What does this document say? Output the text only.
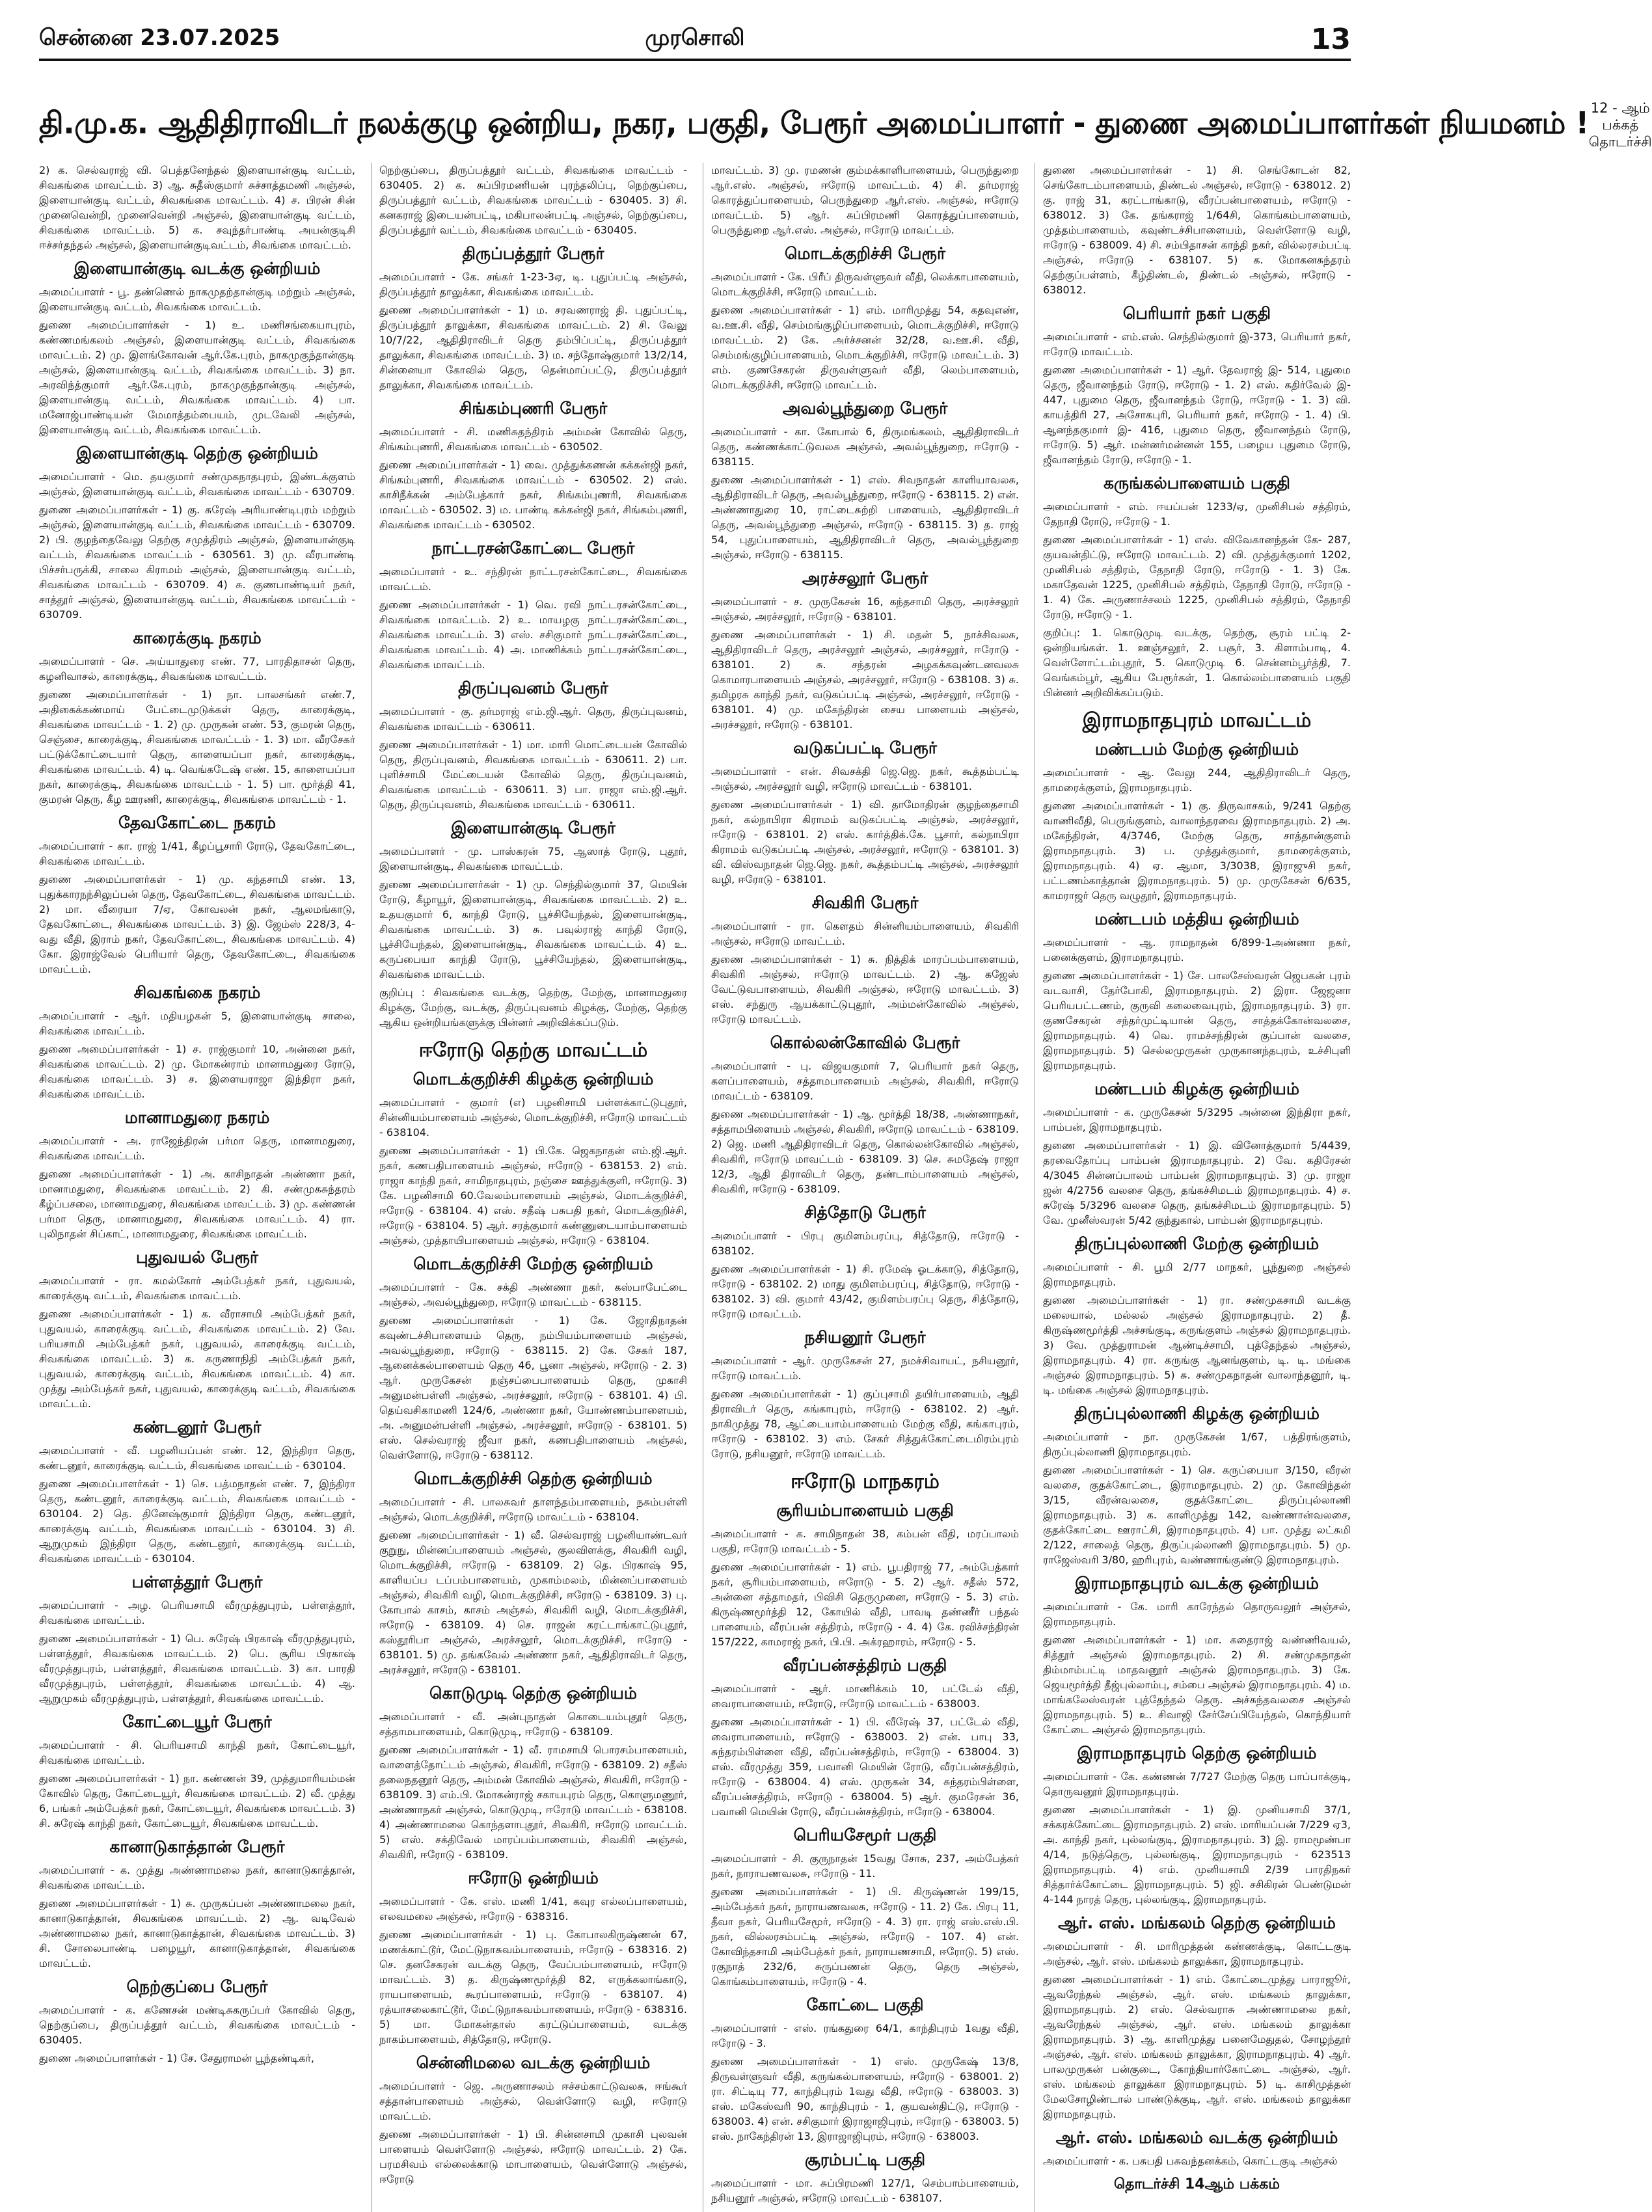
சென்னை 23.07.2025	முரசொலி	13
தி.மு.க. ஆதிதிராவிடர் நலக்குழு ஒன்றிய, நகர, பகுதி, பேரூர் அமைப்பாளர் - துணை அமைப்பாளர்கள் நியமனம் ! 12 - ஆம் பக்கத் தொடர்ச்சி

2) க. செல்வராஜ் வி. பெத்தனேந்தல் இளையான்குடி வட்டம், சிவகங்கை மாவட்டம். 3) ஆ. சுதீஸ்குமார் சுச்சாத்தமணி அஞ்சல், இளையான்குடி வட்டம், சிவகங்கை மாவட்டம். 4) ச. பிரன் சின் முனைவென்றி, முனைவென்றி அஞ்சல், இளையான்குடி வட்டம், சிவகங்கை மாவட்டம். 5) க. சவுந்தர்பாண்டி அயன்குடிசி ஈச்சர்தந்தல் அஞ்சல், இளையான்குடிவட்டம், சிவங்கை மாவட்டம்.

இளையான்குடி வடக்கு ஒன்றியம்

அமைப்பாளர் - பூ. தண்ணெல் நாகமுதற்தான்குடி மற்றும் அஞ்சல், இளையான்குடி வட்டம், சிவகங்கை மாவட்டம்.

துணை அமைப்பாளர்கள் - 1) உ. மணிசங்கையாபுரம், கண்ணமங்கலம் அஞ்சல், இளையான்குடி வட்டம், சிவகங்கை மாவட்டம். 2) மு. இளங்கோவன் ஆர்.கே.புரம், நாகமுகுந்தான்குடி அஞ்சல், இளையான்குடி வட்டம், சிவகங்கை மாவட்டம். 3) நா. அரவிந்த்குமார் ஆர்.கே.புரம், நாகமுகுந்தான்குடி அஞ்சல், இளையான்குடி வட்டம், சிவகங்கை மாவட்டம். 4) பா. மனோஜ்பாண்டியன் மேமாத்தம்பையம், முடவேலி அஞ்சல், இளையான்குடி வட்டம், சிவகங்கை மாவட்டம்.

இளையான்குடி தெற்கு ஒன்றியம்

அமைப்பாளர் - மெ. தயகுமார் சண்முகநாதபுரம், இண்டக்குளம் அஞ்சல், இளையான்குடி வட்டம், சிவகங்கை மாவட்டம் - 630709.

துணை அமைப்பாளர்கள் - 1) கு. சுரேஷ் அரியாண்டிபுரம் மற்றும் அஞ்சல், இளையான்குடி வட்டம், சிவகங்கை மாவட்டம் - 630709. 2) பி. குழந்தைவேலு தெற்கு சமுத்திரம் அஞ்சல், இளையான்குடி வட்டம், சிவகங்கை மாவட்டம் - 630561. 3) மு. வீரபாண்டி பிச்சர்பருக்கி, சாலை கிராமம் அஞ்சல், இளையான்குடி வட்டம், சிவகங்கை மாவட்டம் - 630709. 4) சு. குணபாண்டியர் நகர், சாத்தூர் அஞ்சல், இளையான்குடி வட்டம், சிவகங்கை மாவட்டம் - 630709.

காரைக்குடி நகரம்

அமைப்பாளர் - செ. அய்யாதுரை எண். 77, பாரதிதாசன் தெரு, கழனிவாசல், காரைக்குடி, சிவகங்கை மாவட்டம்.

துணை அமைப்பாளர்கள் - 1) நா. பாலசங்கர் எண்.7, அதிகைக்கண்மாய் பேட்டைமுடுக்கள் தெரு, காரைக்குடி, சிவகங்கை மாவட்டம் - 1. 2) மு. முருகன் எண். 53, குமரன் தெரு, செஞ்சை, காரைக்குடி, சிவகங்கை மாவட்டம் - 1. 3) மா. வீரசேகர் பட்டுக்கோட்டையார் தெரு, காளையப்பா நகர், காரைக்குடி, சிவகங்கை மாவட்டம். 4) டி. வெங்கடேஷ் எண். 15, காளையப்பா நகர், காரைக்குடி, சிவகங்கை மாவட்டம் - 1. 5) பா. மூர்த்தி 41, குமரன் தெரு, கீழ ஊரணி, காரைக்குடி, சிவகங்கை மாவட்டம் - 1.

தேவகோட்டை நகரம்

அமைப்பாளர் - கா. ராஜ் 1/41, கீழப்பூசாரி ரோடு, தேவகோட்டை, சிவகங்கை மாவட்டம்.

துணை அமைப்பாளர்கள் - 1) மு. கந்தசாமி எண். 13, புதுக்காரநந்சிலுப்பன் தெரு, தேவகோட்டை, சிவகங்கை மாவட்டம். 2) மா. வீரையா 7/ஏ, கோவலன் நகர், ஆலமங்காடு, தேவகோட்டை, சிவகங்கை மாவட்டம். 3) இ. ஜேம்ஸ் 228/3, 4-வது வீதி, இராம் நகர், தேவகோட்டை, சிவகங்கை மாவட்டம். 4) கோ. இராஜ்வேல் பெரியார் தெரு, தேவகோட்டை, சிவகங்கை மாவட்டம்.

சிவகங்கை நகரம்

அமைப்பாளர் - ஆர். மதியழகன் 5, இளையான்குடி சாலை, சிவகங்கை மாவட்டம்.

துணை அமைப்பாளர்கள் - 1) ச. ராஜ்குமார் 10, அன்னை நகர், சிவகங்கை மாவட்டம். 2) மு. மோகன்ராம் மானாமதுரை ரோடு, சிவகங்கை மாவட்டம். 3) ச. இளையராஜா இந்திரா நகர், சிவகங்கை மாவட்டம்.

மானாமதுரை நகரம்

அமைப்பாளர் - அ. ராஜேந்திரன் பர்மா தெரு, மானாமதுரை, சிவகங்கை மாவட்டம்.

துணை அமைப்பாளர்கள் - 1) அ. காசிநாதன் அண்ணா நகர், மானாமதுரை, சிவகங்கை மாவட்டம். 2) கி. சண்முகசுந்தரம் கீழ்ப்பசலை, மானாமதுரை, சிவகங்கை மாவட்டம். 3) மு. கண்ணன் பர்மா தெரு, மானாமதுரை, சிவகங்கை மாவட்டம். 4) ரா. புலிநாதன் சிப்காட், மானாமதுரை, சிவகங்கை மாவட்டம்.

புதுவயல் பேரூர்

அமைப்பாளர் - ரா. கமல்கோர் அம்பேத்கர் நகர், புதுவயல், காரைக்குடி வட்டம், சிவகங்கை மாவட்டம்.

துணை அமைப்பாளர்கள் - 1) க. வீராசாமி அம்பேத்கர் நகர், புதுவயல், காரைக்குடி வட்டம், சிவகங்கை மாவட்டம். 2) வே. பரியசாமி அம்பேத்கர் நகர், புதுவயல், காரைக்குடி வட்டம், சிவகங்கை மாவட்டம். 3) க. கருணாநிதி அம்பேத்கர் நகர், புதுவயல், காரைக்குடி வட்டம், சிவகங்கை மாவட்டம். 4) கா. முத்து அம்பேத்கர் நகர், புதுவயல், காரைக்குடி வட்டம், சிவகங்கை மாவட்டம்.

கண்டனூர் பேரூர்

அமைப்பாளர் - வீ. பழனியப்பன் எண். 12, இந்திரா தெரு, கண்டனூர், காரைக்குடி வட்டம், சிவகங்கை மாவட்டம் - 630104.

துணை அமைப்பாளர்கள் - 1) செ. பத்மநாதன் எண். 7, இந்திரா தெரு, கண்டனூர், காரைக்குடி வட்டம், சிவகங்கை மாவட்டம் - 630104. 2) தெ. தினேஷ்குமார் இந்திரா தெரு, கண்டனூர், காரைக்குடி வட்டம், சிவகங்கை மாவட்டம் - 630104. 3) சி. ஆறுமுகம் இந்திரா தெரு, கண்டனூர், காரைக்குடி வட்டம், சிவகங்கை மாவட்டம் - 630104.

பள்ளத்தூர் பேரூர்

அமைப்பாளர் - அழ. பெரியசாமி வீரமுத்துபுரம், பள்ளத்தூர், சிவகங்கை மாவட்டம்.

துணை அமைப்பாளர்கள் - 1) பெ. சுரேஷ் பிரகாஷ் வீரமுத்துபுரம், பள்ளத்தூர், சிவகங்கை மாவட்டம். 2) பெ. சூரிய பிரகாஷ் வீரமுத்துபுரம், பள்ளத்தூர், சிவகங்கை மாவட்டம். 3) கா. பாரதி வீரமுத்துபுரம், பள்ளத்தூர், சிவகங்கை மாவட்டம். 4) ஆ. ஆறுமுகம் வீரமுத்துபுரம், பள்ளத்தூர், சிவகங்கை மாவட்டம்.

கோட்டையூர் பேரூர்

அமைப்பாளர் - சி. பெரியசாமி காந்தி நகர், கோட்டையூர், சிவகங்கை மாவட்டம்.

துணை அமைப்பாளர்கள் - 1) நா. கண்ணன் 39, முத்துமாரியம்மன் கோவில் தெரு, கோட்டையூர், சிவகங்கை மாவட்டம். 2) வீ. முத்து 6, பங்கர் அம்பேத்கர் நகர், கோட்டையூர், சிவகங்கை மாவட்டம். 3) சி. சுரேஷ் காந்தி நகர், கோட்டையூர், சிவகங்கை மாவட்டம்.

கானாடுகாத்தான் பேரூர்

அமைப்பாளர் - க. முத்து அண்ணாமலை நகர், கானாடுகாத்தான், சிவகங்கை மாவட்டம்.

துணை அமைப்பாளர்கள் - 1) சு. முருகப்பன் அண்ணாமலை நகர், கானாடுகாத்தான், சிவகங்கை மாவட்டம். 2) ஆ. வடிவேல் அண்ணாமலை நகர், கானாடுகாத்தான், சிவகங்கை மாவட்டம். 3) சி. சோலைபாண்டி பழையூர், கானாடுகாத்தான், சிவகங்கை மாவட்டம்.

நெற்குப்பை பேரூர்

அமைப்பாளர் - க. கணேசன் மண்டிசுகருப்பர் கோவில் தெரு, நெற்குப்பை, திருப்பத்தூர் வட்டம், சிவகங்கை மாவட்டம் - 630405.

துணை அமைப்பாளர்கள் - 1) சே. சேதுராமன் பூந்தண்டிகர்,

நெற்குப்பை, திருப்பத்தூர் வட்டம், சிவகங்கை மாவட்டம் - 630405. 2) க. சுப்பிரமணியன் புரந்தலிப்பு, நெற்குப்பை, திருப்பத்தூர் வட்டம், சிவகங்கை மாவட்டம் - 630405. 3) சி. கனகராஜ் இடையன்பட்டி, மகிபாலன்பட்டி அஞ்சல், நெற்குப்பை, திருப்பத்தூர் வட்டம், சிவகங்கை மாவட்டம் - 630405.

திருப்பத்தூர் பேரூர்

அமைப்பாளர் - கே. சங்கர் 1-23-3ஏ, டி. புதுப்பட்டி அஞ்சல், திருப்பத்தூர் தாலுக்கா, சிவகங்கை மாவட்டம்.

துணை அமைப்பாளர்கள் - 1) ம. சரவணராஜ் தி. புதுப்பட்டி, திருப்பத்தூர் தாலுக்கா, சிவகங்கை மாவட்டம். 2) சி. வேலு 10/7/22, ஆதிதிராவிடர் தெரு தம்பிப்பட்டி, திருப்பத்தூர் தாலுக்கா, சிவகங்கை மாவட்டம். 3) ம. சந்தோஷ்குமார் 13/2/14, சின்னையா கோவில் தெரு, தென்மாப்பட்டு, திருப்பத்தூர் தாலுக்கா, சிவகங்கை மாவட்டம்.

சிங்கம்புணரி பேரூர்

அமைப்பாளர் - சி. மணிசுதந்திரம் அம்மன் கோவில் தெரு, சிங்கம்புணரி, சிவகங்கை மாவட்டம் - 630502.

துணை அமைப்பாளர்கள் - 1) வை. முத்துக்கணன் கக்கன்ஜி நகர், சிங்கம்புணரி, சிவகங்கை மாவட்டம் - 630502. 2) எஸ். காசிநீக்கன் அம்பேத்கார் நகர், சிங்கம்புணரி, சிவகங்கை மாவட்டம் - 630502. 3) ம. பாண்டி கக்கன்ஜி நகர், சிங்கம்புணரி, சிவகங்கை மாவட்டம் - 630502.

நாட்டரசன்கோட்டை பேரூர்

அமைப்பாளர் - உ. சந்திரன் நாட்டரசன்கோட்டை, சிவகங்கை மாவட்டம்.

துணை அமைப்பாளர்கள் - 1) வெ. ரவி நாட்டரசன்கோட்டை, சிவகங்கை மாவட்டம். 2) உ. மாயழகு நாட்டரசன்கோட்டை, சிவகங்கை மாவட்டம். 3) எஸ். சசிகுமார் நாட்டரசன்கோட்டை, சிவகங்கை மாவட்டம். 4) அ. மாணிக்கம் நாட்டரசன்கோட்டை, சிவகங்கை மாவட்டம்.

திருப்புவனம் பேரூர்

அமைப்பாளர் - கு. தர்மராஜ் எம்.ஜி.ஆர். தெரு, திருப்புவனம், சிவகங்கை மாவட்டம் - 630611.

துணை அமைப்பாளர்கள் - 1) மா. மாரி மொட்டையன் கோவில் தெரு, திருப்புவனம், சிவகங்கை மாவட்டம் - 630611. 2) பா. புளிச்சாமி மேட்டையன் கோவில் தெரு, திருப்புவனம், சிவகங்கை மாவட்டம் - 630611. 3) பா. ராஜா எம்.ஜி.ஆர். தெரு, திருப்புவனம், சிவகங்கை மாவட்டம் - 630611.

இளையான்குடி பேரூர்

அமைப்பாளர் - மு. பாஸ்கரன் 75, ஆஸாத் ரோடு, புதூர், இளையான்குடி, சிவகங்கை மாவட்டம்.

துணை அமைப்பாளர்கள் - 1) மு. செந்தில்குமார் 37, மெயின் ரோடு, கீழாயூர், இளையான்குடி, சிவகங்கை மாவட்டம். 2) உ. உதயகுமார் 6, காந்தி ரோடு, பூச்சியேந்தல், இளையான்குடி, சிவகங்கை மாவட்டம். 3) சு. பவுல்ராஜ் காந்தி ரோடு, பூச்சியேந்தல், இளையான்குடி, சிவகங்கை மாவட்டம். 4) உ. கருப்பையா காந்தி ரோடு, பூச்சியேந்தல், இளையான்குடி, சிவகங்கை மாவட்டம்.

குறிப்பு : சிவகங்கை வடக்கு, தெற்கு, மேற்கு, மானாமதுரை கிழக்கு, மேற்கு, வடக்கு, திருப்புவனம் கிழக்கு, மேற்கு, தெற்கு ஆகிய ஒன்றியங்களுக்கு பின்னர் அறிவிக்கப்படும்.

ஈரோடு தெற்கு மாவட்டம்
மொடக்குறிச்சி கிழக்கு ஒன்றியம்

அமைப்பாளர் - குமார் (எ) பழனிசாமி பள்ளக்காட்டுபுதூர், சின்னியம்பாளையம் அஞ்சல், மொடக்குறிச்சி, ஈரோடு மாவட்டம் - 638104.

துணை அமைப்பாளர்கள் - 1) பி.கே. ஜெகநாதன் எம்.ஜி.ஆர். நகர், கணபதிபாளையம் அஞ்சல், ஈரோடு - 638153. 2) எம். ராஜா காந்தி நகர், சாமிநாதபுரம், நஞ்சை ஊத்துக்குளி, ஈரோடு. 3) கே. பழனிசாமி 60.வேலம்பாளையம் அஞ்சல், மொடக்குறிச்சி, ஈரோடு - 638104. 4) எஸ். சதீஷ் பசுபதி நகர், மொடக்குறிச்சி, ஈரோடு - 638104. 5) ஆர். சரத்குமார் கண்ணுடையாம்பாளையம் அஞ்சல், முத்தாயிபாளையம் அஞ்சல், ஈரோடு - 638104.

மொடக்குறிச்சி மேற்கு ஒன்றியம்

அமைப்பாளர் - கே. சக்தி அண்ணா நகர், கஸ்பாபேட்டை அஞ்சல், அவல்பூந்துறை, ஈரோடு மாவட்டம் - 638115.

துணை அமைப்பாளர்கள் - 1) கே. ஜோதிநாதன் கவுண்டச்சிபாளையம் தெரு, நம்பியம்பாளையம் அஞ்சல், அவல்பூந்துறை, ஈரோடு - 638115. 2) கே. சேகர் 187, ஆனைக்கல்பாளையம் தெரு 46, பூனா அஞ்சல், ஈரோடு - 2. 3) ஆர். முருகேசன் நஞ்சப்பைபாளையம் தெரு, முகாசி அனுமன்பள்ளி அஞ்சல், அரச்சலூர், ஈரோடு - 638101. 4) பி. தெய்வசிகாமணி 124/6, அண்ணா நகர், யோண்ணம்பாளையம், அ. அனுமன்பள்ளி அஞ்சல், அரச்சலூர், ஈரோடு - 638101. 5) எஸ். செல்வராஜ் ஜீவா நகர், கணபதிபாளையம் அஞ்சல், வெள்ளோடு, ஈரோடு - 638112.

மொடக்குறிச்சி தெற்கு ஒன்றியம்

அமைப்பாளர் - சி. பாலசுவர் தாளந்தம்பாளையம், நசும்பள்ளி அஞ்சல், மொடக்குறிச்சி, ஈரோடு மாவட்டம் - 638104.

துணை அமைப்பாளர்கள் - 1) வீ. செல்வராஜ் பழனியாண்டவர் குறுநு, மின்னப்பாளையம் அஞ்சல், குலவிளக்கு, சிவகிரி வழி, மொடக்குறிச்சி, ஈரோடு - 638109. 2) தெ. பிரகாஷ் 95, காளியப்ப டப்பம்பாளையம், முகாம்மலம், மின்னப்பாளையம் அஞ்சல், சிவகிரி வழி, மொடக்குறிச்சி, ஈரோடு - 638109. 3) பு. கோபால் காசம், காசம் அஞ்சல், சிவகிரி வழி, மொடக்குறிச்சி, ஈரோடு - 638109. 4) செ. ராஜன் கரட்டாங்காட்டுபுதூர், கஸ்தூரிபா அஞ்சல், அரச்சலூர், மொடக்குறிச்சி, ஈரோடு - 638101. 5) மு. தங்கவேல் அண்ணா நகர், ஆதிதிராவிடர் தெரு, அரச்சலூர், ஈரோடு - 638101.

கொடுமுடி தெற்கு ஒன்றியம்

அமைப்பாளர் - வீ. அன்புநாதன் கொடையம்புதூர் தெரு, சத்தாமபாளையம், கொடுமுடி, ஈரோடு - 638109.

துணை அமைப்பாளர்கள் - 1) வீ. ராமசாமி பொரசம்பாளையம், வாளைத்தோட்டம் அஞ்சல், சிவகிரி, ஈரோடு - 638109. 2) சதீஸ் தலைநதனூர் தெரு, அம்மன் கோவில் அஞ்சல், சிவகிரி, ஈரோடு - 638109. 3) எம்.பி. மோகன்ராஜ் சகாயபுரம் தெரு, கொளுமணூர், அண்ணாநகர் அஞ்சல், கொடுமுடி, ஈரோடு மாவட்டம் - 638108. 4) அண்ணாமலை கொந்தளாபுதூர், சிவகிரி, ஈரோடு மாவட்டம். 5) எஸ். சக்திவேல் மாரப்பம்பாளையம், சிவகிரி அஞ்சல், சிவகிரி, ஈரோடு - 638109.

ஈரோடு ஒன்றியம்

அமைப்பாளர் - கே. எஸ். மணி 1/41, கவுர எல்லப்பாளையம், எலவமலை அஞ்சல், ஈரோடு - 638316.

துணை அமைப்பாளர்கள் - 1) பு. கோபாலகிருஷ்ணன் 67, மணக்காட்டூர், மேட்டுநாசுவம்பாளையம், ஈரோடு - 638316. 2) செ. தனசேகரன் வடக்கு தெரு, வேப்பம்பாளையம், ஈரோடு மாவட்டம். 3) த. கிருஷ்ணமூர்த்தி 82, எருக்கலாங்காடு, ராயபாளையம், கூரப்பாளையம், ஈரோடு - 638107. 4) ரத்யாசலைகாட்டூர், மேட்டுநாசுவம்பாளையம், ஈரோடு - 638316. 5) மா. மோகன்தாஸ் கரட்டுப்பாளையம், வடக்கு நாகம்பாளையம், சித்தோடு, ஈரோடு.

சென்னிமலை வடக்கு ஒன்றியம்

அமைப்பாளர் - ஜெ. அருணாசலம் ஈச்சம்காட்டுவலசு, ஈங்கூர் சத்தான்பாளையம் அஞ்சல், வெள்ளோடு வழி, ஈரோடு மாவட்டம்.

துணை அமைப்பாளர்கள் - 1) பி. சின்னசாமி முகாசி புலவன் பாளையம் வெள்ளோடு அஞ்சல், ஈரோடு மாவட்டம். 2) கே. பரமசிவம் எல்லைக்காடு மாபாளையம், வெள்ளோடு அஞ்சல், ஈரோடு

மாவட்டம். 3) மு. ரமணன் கும்மக்காளிபாளையம், பெருந்துறை ஆர்.எஸ். அஞ்சல், ஈரோடு மாவட்டம். 4) சி. தர்மராஜ் கொரத்துப்பாளையம், பெருந்துறை ஆர்.எஸ். அஞ்சல், ஈரோடு மாவட்டம். 5) ஆர். சுப்பிரமணி கொரத்துப்பாளையம், பெருந்துறை ஆர்.எஸ். அஞ்சல், ஈரோடு மாவட்டம்.

மொடக்குறிச்சி பேரூர்

அமைப்பாளர் - கே. பிரீப் திருவள்ளுவர் வீதி, லெக்காபாளையம், மொடக்குறிச்சி, ஈரோடு மாவட்டம்.

துணை அமைப்பாளர்கள் - 1) எம். மாரிமுத்து 54, கதவுஎண், வ.ஊ.சி. வீதி, செம்மங்குழிப்பாளையம், மொடக்குறிச்சி, ஈரோடு மாவட்டம். 2) கே. அர்ச்சனன் 32/28, வ.ஊ.சி. வீதி, செம்மங்குழிப்பாளையம், மொடக்குறிச்சி, ஈரோடு மாவட்டம். 3) எம். குணசேகரன் திருவள்ளுவர் வீதி, லெம்பாளையம், மொடக்குறிச்சி, ஈரோடு மாவட்டம்.

அவல்பூந்துறை பேரூர்

அமைப்பாளர் - கா. கோபால் 6, திருமங்கலம், ஆதிதிராவிடர் தெரு, கண்ணக்காட்டுவலசு அஞ்சல், அவல்பூந்துறை, ஈரோடு - 638115.

துணை அமைப்பாளர்கள் - 1) எஸ். சிவநாதன் காளியாவலசு, ஆதிதிராவிடர் தெரு, அவல்பூந்துறை, ஈரோடு - 638115. 2) என். அண்ணாதுரை 10, ராட்டைசுற்றி பாளையம், ஆதிதிராவிடர் தெரு, அவல்பூந்துறை அஞ்சல், ஈரோடு - 638115. 3) த. ராஜ் 54, புதுப்பாளையம், ஆதிதிராவிடர் தெரு, அவல்பூந்துறை அஞ்சல், ஈரோடு - 638115.

அரச்சலூர் பேரூர்

அமைப்பாளர் - ச. முருகேசன் 16, கந்தசாமி தெரு, அரச்சலூர் அஞ்சல், அரச்சலூர், ஈரோடு - 638101.

துணை அமைப்பாளர்கள் - 1) சி. மதன் 5, நாச்சிவலசு, ஆதிதிராவிடர் தெரு, அரச்சலூர் அஞ்சல், அரச்சலூர், ஈரோடு - 638101. 2) சு. சந்தரன் அழகக்கவுண்டனவலசு கொமாரபாளையம் அஞ்சல், அரச்சலூர், ஈரோடு - 638108. 3) சு. தமிழரசு காந்தி நகர், வடுகப்பட்டி அஞ்சல், அரச்சலூர், ஈரோடு - 638101. 4) மு. மகேந்திரன் சைய பாளையம் அஞ்சல், அரச்சலூர், ஈரோடு - 638101.

வடுகப்பட்டி பேரூர்

அமைப்பாளர் - என். சிவசக்தி ஜெ.ஜெ. நகர், கூத்தம்பட்டி அஞ்சல், அரச்சலூர் வழி, ஈரோடு மாவட்டம் - 638101.

துணை அமைப்பாளர்கள் - 1) வி. தாமோதிரன் குழந்தைசாமி நகர், கல்நாபிரா கிராமம் வடுகப்பட்டி அஞ்சல், அரச்சலூர், ஈரோடு - 638101. 2) எஸ். கார்த்திக்.கே. பூசார், கல்நாபிரா கிராமம் வடுகப்பட்டி அஞ்சல், அரச்சலூர், ஈரோடு - 638101. 3) வி. விஸ்வநாதன் ஜெ.ஜெ. நகர், கூத்தம்பட்டி அஞ்சல், அரச்சலூர் வழி, ஈரோடு - 638101.

சிவகிரி பேரூர்

அமைப்பாளர் - ரா. கெளதம் சின்னியம்பாளையம், சிவகிரி அஞ்சல், ஈரோடு மாவட்டம்.

துணை அமைப்பாளர்கள் - 1) சு. நித்திக் மாரப்பம்பாளையம், சிவகிரி அஞ்சல், ஈரோடு மாவட்டம். 2) ஆ. கஜேஸ் வேட்டுவபாளையம், சிவகிரி அஞ்சல், ஈரோடு மாவட்டம். 3) எஸ். சந்துரு ஆயக்காட்டுபுதூர், அம்மன்கோவில் அஞ்சல், ஈரோடு மாவட்டம்.

கொல்லன்கோவில் பேரூர்

அமைப்பாளர் - பு. விஜயகுமார் 7, பெரியார் நகர் தெரு, களப்பாளையம், சத்தாமபாளையம் அஞ்சல், சிவகிரி, ஈரோடு மாவட்டம் - 638109.

துணை அமைப்பாளர்கள் - 1) ஆ. மூர்த்தி 18/38, அண்ணாநகர், சத்தாமபிளையம் அஞ்சல், சிவகிரி, ஈரோடு மாவட்டம் - 638109. 2) ஜெ. மணி ஆதிதிராவிடர் தெரு, கொல்லன்கோவில் அஞ்சல், சிவகிரி, ஈரோடு மாவட்டம் - 638109. 3) செ. சுமதேஷ் ராஜா 12/3, ஆதி திராவிடர் தெரு, தண்டாம்பாளையம் அஞ்சல், சிவகிரி, ஈரோடு - 638109.

சித்தோடு பேரூர்

அமைப்பாளர் - பிரபு குமிளம்பரப்பு, சித்தோடு, ஈரோடு - 638102.

துணை அமைப்பாளர்கள் - 1) சி. ரமேஷ் ஓடக்காடு, சித்தோடு, ஈரோடு - 638102. 2) மாது குமிளம்பரப்பு, சித்தோடு, ஈரோடு - 638102. 3) வி. குமார் 43/42, குமிளம்பரப்பு தெரு, சித்தோடு, ஈரோடு மாவட்டம்.

நசியனூர் பேரூர்

அமைப்பாளர் - ஆர். முருகேசன் 27, நமச்சிவாயட், நசியனூர், ஈரோடு மாவட்டம்.

துணை அமைப்பாளர்கள் - 1) குப்புசாமி தயிர்பாளையம், ஆதி திராவிடர் தெரு, கங்காபுரம், ஈரோடு - 638102. 2) ஆர். நாகிமுத்து 78, ஆட்டையாம்பாளையம் மேற்கு வீதி, கங்காபுரம், ஈரோடு - 638102. 3) எம். சேகர் சித்துக்கோட்டைமிரம்புரம் ரோடு, நசியனூர், ஈரோடு மாவட்டம்.

ஈரோடு மாநகரம்
சூரியம்பாளையம் பகுதி

அமைப்பாளர் - க. சாமிநாதன் 38, கம்பன் வீதி, மரப்பாலம் பகுதி, ஈரோடு மாவட்டம் - 5.

துணை அமைப்பாளர்கள் - 1) எம். பூபதிராஜ் 77, அம்பேத்கார் நகர், சூரியம்பாளையம், ஈரோடு - 5. 2) ஆர். சதீஸ் 572, அன்னை சத்தாமதர், பிவிசி தெருமுனை, ஈரோடு - 5. 3) எம். கிருஷ்ணமூர்த்தி 12, கோயில் வீதி, பாவடி தண்ணீர் பந்தல் பாளையம், வீரப்பன் சத்திரம், ஈரோடு - 4. 4) கே. ரவிச்சந்திரன் 157/222, காமராஜ் நகர், பி.பி. அக்ரஹாரம், ஈரோடு - 5.

வீரப்பன்சத்திரம் பகுதி

அமைப்பாளர் - ஆர். மாணிக்கம் 10, பட்டேல் வீதி, வைராபாளையம், ஈரோடு, ஈரோடு மாவட்டம் - 638003.

துணை அமைப்பாளர்கள் - 1) பி. வீரேஷ் 37, பட்டேல் வீதி, வைராபாளையம், ஈரோடு - 638003. 2) என். பாபு 33, சுந்தரம்பிள்ளை வீதி, வீரப்பன்சத்திரம், ஈரோடு - 638004. 3) எஸ். வீரமுத்து 359, பவானி மெயின் ரோடு, வீரப்பன்சத்திரம், ஈரோடு - 638004. 4) எஸ். முருகன் 34, சுந்தரம்பிள்ளை, வீரப்பன்சத்திரம், ஈரோடு - 638004. 5) ஆர். குமரேசன் 36, பவானி மெயின் ரோடு, வீரப்பன்சத்திரம், ஈரோடு - 638004.

பெரியசேமூர் பகுதி

அமைப்பாளர் - சி. குருநாதன் 15வது சோசு, 237, அம்பேத்கர் நகர், நாராயணவலசு, ஈரோடு - 11.

துணை அமைப்பாளர்கள் - 1) பி. கிருஷ்ணன் 199/15, அம்பேத்கர் நகர், நாராயணவலசு, ஈரோடு - 11. 2) கே. பிரபு 11, தீவா நகர், பெரியசேமூர், ஈரோடு - 4. 3) ரா. ராஜ் எஸ்.எஸ்.பி. நகர், வில்லரசம்பட்டி அஞ்சல், ஈரோடு - 107. 4) என். கோவிந்தசாமி அம்பேத்கர் நகர், நாராயணசாமி, ஈரோடு. 5) எஸ். ரகுநாத் 232/6, சுருப்பணன் தெரு, தெரு அஞ்சல், கொங்கம்பாளையம், ஈரோடு - 4.

கோட்டை பகுதி

அமைப்பாளர் - எஸ். ரங்கதுரை 64/1, காந்திபுரம் 1வது வீதி, ஈரோடு - 3.

துணை அமைப்பாளர்கள் - 1) எஸ். முருகேஷ் 13/8, திருவள்ளுவர் வீதி, கருங்கல்பாளையம், ஈரோடு - 638001. 2) ரா. சிட்டியு 77, காந்திபுரம் 1வது வீதி, ஈரோடு - 638003. 3) எஸ். மகேஸ்வரி 90, காந்திபுரம் - 1, குயவன்திட்டு, ஈரோடு - 638003. 4) என். சசிகுமார் இராஜாஜிபுரம், ஈரோடு - 638003. 5) எஸ். நாகேந்திரன் 13, இராஜாஜிபுரம், ஈரோடு - 638003.

சூரம்பட்டி பகுதி

அமைப்பாளர் - மா. சுப்பிரமணி 127/1, செம்பாம்பாளையம், நசியனூர் அஞ்சல், ஈரோடு மாவட்டம் - 638107.

துணை அமைப்பாளர்கள் - 1) சி. செங்கோடன் 82, செங்கோடம்பாளையம், திண்டல் அஞ்சல், ஈரோடு - 638012. 2) கு. ராஜ் 31, கரட்டாங்காடு, வீரப்பன்பாளையம், ஈரோடு - 638012. 3) கே. தங்கராஜ் 1/64சி, கொங்கம்பாளையம், முத்தம்பாளையம், கவுண்டச்சிபாளையம், வெள்ளோடு வழி, ஈரோடு - 638009. 4) சி. சம்பிதாசன் காந்தி நகர், வில்லரசம்பட்டி அஞ்சல், ஈரோடு - 638107. 5) க. மோகனசுந்தரம் தெற்குப்பள்ளம், கீழ்திண்டல், திண்டல் அஞ்சல், ஈரோடு - 638012.

பெரியார் நகர் பகுதி

அமைப்பாளர் - எம்.எஸ். செந்தில்குமார் இ-373, பெரியார் நகர், ஈரோடு மாவட்டம்.

துணை அமைப்பாளர்கள் - 1) ஆர். தேவராஜ் இ- 514, புதுமை தெரு, ஜீவானந்தம் ரோடு, ஈரோடு - 1. 2) எஸ். கதிர்வேல் இ- 447, புதுமை தெரு, ஜீவானந்தம் ரோடு, ஈரோடு - 1. 3) வி. காயத்திரி 27, அசோகபுரி, பெரியார் நகர், ஈரோடு - 1. 4) பி. ஆனந்தகுமார் இ- 416, புதுமை தெரு, ஜீவானந்தம் ரோடு, ஈரோடு. 5) ஆர். மன்னர்மன்னன் 155, பழைய புதுமை ரோடு, ஜீவானந்தம் ரோடு, ஈரோடு - 1.

கருங்கல்பாளையம் பகுதி

அமைப்பாளர் - எம். ஈயப்பன் 1233/ஏ, முனிசிபல் சத்திரம், தேநாதி ரோடு, ஈரோடு - 1.

துணை அமைப்பாளர்கள் - 1) எஸ். விவேகானந்தன் கே- 287, குயவன்திட்டு, ஈரோடு மாவட்டம். 2) வி. முத்துக்குமார் 1202, முனிசிபல் சத்திரம், தேநாதி ரோடு, ஈரோடு - 1. 3) கே. மகாதேவன் 1225, முனிசிபல் சத்திரம், தேநாதி ரோடு, ஈரோடு - 1. 4) கே. அருணாச்சலம் 1225, முனிசிபல் சத்திரம், தேநாதி ரோடு, ஈரோடு - 1.

குறிப்பு: 1. கொடுமுடி வடக்கு, தெற்கு, சூரம் பட்டி 2- ஒன்றியங்கள். 1. ஊஞ்சலூர், 2. பசூர், 3. கிளாம்பாடி, 4. வெள்ளோட்டம்புதூர், 5. கொடுமுடி 6. சென்னம்பூர்த்தி, 7. வெங்கம்பூர், ஆகிய பேரூர்கள், 1. கொல்லம்பாளையம் பகுதி பின்னர் அறிவிக்கப்படும்.

இராமநாதபுரம் மாவட்டம்
மண்டபம் மேற்கு ஒன்றியம்

அமைப்பாளர் - ஆ. வேலு 244, ஆதிதிராவிடர் தெரு, தாமரைக்குளம், இராமநாதபுரம்.

துணை அமைப்பாளர்கள் - 1) கு. திருவாசகம், 9/241 தெற்கு வாணிவீதி, பெருங்குளம், வாலாந்தரவை இராமநாதபுரம். 2) அ. மகேந்திரன், 4/3746, மேற்கு தெரு, சாத்தான்குளம் இராமநாதபுரம். 3) ப. முத்துக்குமார், தாமரைக்குளம், இராமநாதபுரம். 4) ஏ. ஆமா, 3/3038, இராஜுசி நகர், பட்டணம்காத்தான் இராமநாதபுரம். 5) மு. முருகேசன் 6/635, காமராஜர் தெரு வழுதூர், இராமநாதபுரம்.

மண்டபம் மத்திய ஒன்றியம்

அமைப்பாளர் - ஆ. ராமநாதன் 6/899-1அண்ணா நகர், பனைக்குளம், இராமநாதபுரம்.

துணை அமைப்பாளர்கள் - 1) சே. பாலசேஸ்வரன் ஜெபகன் புரம் வடவாசி, தேர்போகி, இராமநாதபுரம். 2) இரா. ஜேஜனா பெரியபட்டணம், குருவி கலைவைபுரம், இராமநாதபுரம். 3) ரா. குணசேகரன் சந்தர்முட்டியான் தெரு, சாத்தக்கோன்வலசை, இராமநாதபுரம். 4) வெ. ராமச்சந்திரன் குப்பான் வலசை, இராமநாதபுரம். 5) செல்லமுருகன் முருகானந்தபுரம், உச்சிபுளி இராமநாதபுரம்.

மண்டபம் கிழக்கு ஒன்றியம்

அமைப்பாளர் - க. முருகேசன் 5/3295 அன்னை இந்திரா நகர், பாம்பன், இராமநாதபுரம்.

துணை அமைப்பாளர்கள் - 1) இ. வினோத்குமார் 5/4439, தரவைதோப்பு பாம்பன் இராமநாதபுரம். 2) வே. கதிரேசன் 4/3045 சின்னப்பாலம் பாம்பன் இராமநாதபுரம். 3) மு. ராஜா ஜன் 4/2756 வலசை தெரு, தங்கச்சிமடம் இராமநாதபுரம். 4) ச. சுரேஷ் 5/3296 வலசை தெரு, தங்கச்சிமடம் இராமநாதபுரம். 5) வே. முனீஸ்வரன் 5/42 குந்துகால், பாம்பன் இராமநாதபுரம்.

திருப்புல்லாணி மேற்கு ஒன்றியம்

அமைப்பாளர் - சி. பூமி 2/77 மாநகர், பூந்துறை அஞ்சல் இராமநாதபுரம்.

துணை அமைப்பாளர்கள் - 1) ரா. சண்முகசாமி வடக்கு மலையால், மல்லல் அஞ்சல் இராமநாதபுரம். 2) தீ. கிருஷ்ணமூர்த்தி அச்சங்குடி, கருங்குளம் அஞ்சல் இராமநாதபுரம். 3) வே. முத்துராமன் ஆண்டிச்சாமி, புத்தேந்தல் அஞ்சல், இராமநாதபுரம். 4) ரா. கருங்கு ஆனங்குளம், டி. டி. மங்கை அஞ்சல் இராமநாதபுரம். 5) சு. சண்முகநாதன் வாலாந்தனூர், டி. டி. மங்கை அஞ்சல் இராமநாதபுரம்.

திருப்புல்லாணி கிழக்கு ஒன்றியம்

அமைப்பாளர் - நா. முருகேசன் 1/67, பத்திரங்குளம், திருப்புல்லாணி இராமநாதபுரம்.

துணை அமைப்பாளர்கள் - 1) செ. கருப்பையா 3/150, வீரன் வலசை, குதக்கோட்டை, இராமநாதபுரம். 2) மு. கோவிந்தன் 3/15, வீரன்வலசை, குதக்கோட்டை திருப்புல்லாணி இராமநாதபுரம். 3) க. காளிமுத்து 142, வண்ணான்வலசை, குதக்கோட்டை ஊராட்சி, இராமநாதபுரம். 4) பா. முத்து லட்சுமி 2/122, சாலைத் தெரு, திருப்புல்லாணி இராமநாதபுரம். 5) மு. ராஜேஸ்வரி 3/80, ஹரிபுரம், வண்ணாங்குண்டு இராமநாதபுரம்.

இராமநாதபுரம் வடக்கு ஒன்றியம்

அமைப்பாளர் - கே. மாரி காரேந்தல் தொருவலூர் அஞ்சல், இராமநாதபுரம்.

துணை அமைப்பாளர்கள் - 1) மா. கதைராஜ் வண்ணிவயல், சித்தூர் அஞ்சல் இராமநாதபுரம். 2) சி. சண்முகநாதன் திம்மாம்பட்டி மாதவனூர் அஞ்சல் இராமநாதபுரம். 3) கே. ஜெயமூர்த்தி தீஜ்புல்லாம்பு, சம்பை அஞ்சல் இராமநாதபுரம். 4) ம. மாங்கலேஸ்வரன் புத்தேந்தல் தெரு. அச்சுந்தவலசை அஞ்சல் இராமநாதபுரம். 5) உ. சிவாஜி சேர்சேப்பியேந்தல், கொந்தியார் கோட்டை அஞ்சல் இராமநாதபுரம்.

இராமநாதபுரம் தெற்கு ஒன்றியம்

அமைப்பாளர் - கே. கண்ணன் 7/727 மேற்கு தெரு பாப்பாக்குடி, தொருவனூர் இராமநாதபுரம்.

துணை அமைப்பாளர்கள் - 1) இ. முனியசாமி 37/1, சக்கரக்கோட்டை இராமநாதபுரம். 2) எஸ். மாரியப்பன் 7/229 ஏ3, அ. காந்தி நகர், புல்லங்குடி, இராமநாதபுரம். 3) இ. ராமமூண்பா 4/14, நடுத்தெரு, புல்லங்குடி, இராமநாதபுரம் - 623513 இராமநாதபுரம். 4) எம். முனியசாமி 2/39 பாரதிநகர் சித்தார்க்கோட்டை இராமநாதபுரம். 5) ஜி. சசிகிரன் பெண்டுமன் 4-144 நாரத் தெரு, புல்லங்குடி, இராமநாதபுரம்.

ஆர். எஸ். மங்கலம் தெற்கு ஒன்றியம்

அமைப்பாளர் - சி. மாரிமுத்தன் கண்ணக்குடி, கொட்டகுடி அஞ்சல், ஆர். எஸ். மங்கலம் தாலுக்கா, இராமநாதபுரம்.

துணை அமைப்பாளர்கள் - 1) எம். கோட்டைமுத்து பாராஜூர், ஆவரேந்தல் அஞ்சல், ஆர். எஸ். மங்கலம் தாலுக்கா, இராமநாதபுரம். 2) எஸ். செல்வராசு அண்ணாமலை நகர், ஆவரேந்தல் அஞ்சல், ஆர். எஸ். மங்கலம் தாலுக்கா இராமநாதபுரம். 3) ஆ. காளிமுத்து பனைமேதுதல், சோழந்தூர் அஞ்சல், ஆர். எஸ். மங்கலம் தாலுக்கா, இராமநாதபுரம். 4) ஆர். பாலமுருகன் பன்குடை, கோந்தியார்கோட்டை அஞ்சல், ஆர். எஸ். மங்கலம் தாலுக்கா இராமநாதபுரம். 5) டி. காசிமுத்தன் மேலசோழிண்டால் பாண்டுக்குடி, ஆர். எஸ். மங்கலம் தாலுக்கா இராமநாதபுரம்.

ஆர். எஸ். மங்கலம் வடக்கு ஒன்றியம்

அமைப்பாளர் - க. பசுபதி பசுவந்தனக்கம், கொட்டகுடி அஞ்சல்

தொடர்ச்சி 14ஆம் பக்கம்
